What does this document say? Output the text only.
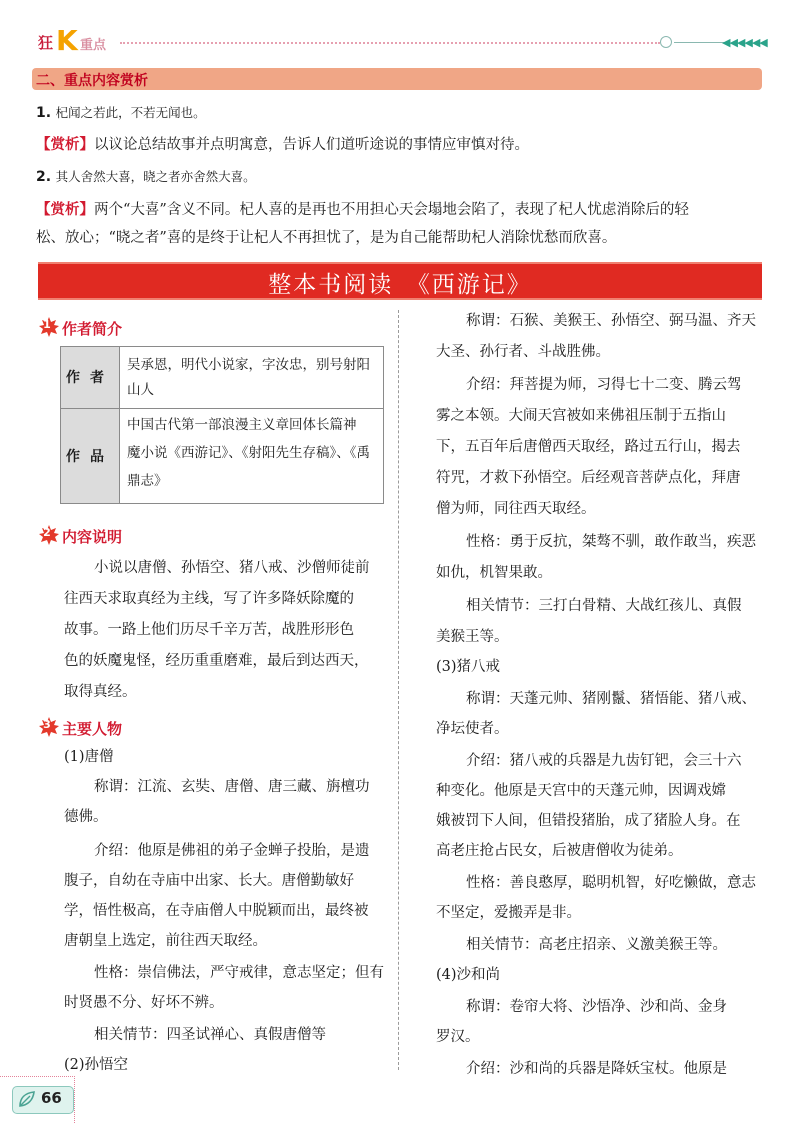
狂 K 重点	◀◀◀◀◀◀
二、重点内容赏析
1. 杞闻之若此，不若无闻也。
【赏析】以议论总结故事并点明寓意，告诉人们道听途说的事情应审慎对待。
2. 其人舍然大喜，晓之者亦舍然大喜。
【赏析】两个“大喜”含义不同。杞人喜的是再也不用担心天会塌地会陷了，表现了杞人忧虑消除后的轻
松、放心；“晓之者”喜的是终于让杞人不再担忧了，是为自己能帮助杞人消除忧愁而欣喜。
整本书阅读　《西游记》
1 作者简介
作者
作品
吴承恩，明代小说家，字汝忠，别号射阳
山人
中国古代第一部浪漫主义章回体长篇神
魔小说《西游记》、《射阳先生存稿》、《禹
鼎志》
2 内容说明
小说以唐僧、孙悟空、猪八戒、沙僧师徒前
往西天求取真经为主线，写了许多降妖除魔的
故事。一路上他们历尽千辛万苦，战胜形形色
色的妖魔鬼怪，经历重重磨难，最后到达西天，
取得真经。
3 主要人物
(1)唐僧
称谓：江流、玄奘、唐僧、唐三藏、旃檀功
德佛。
介绍：他原是佛祖的弟子金蝉子投胎，是遗
腹子，自幼在寺庙中出家、长大。唐僧勤敏好
学，悟性极高，在寺庙僧人中脱颖而出，最终被
唐朝皇上选定，前往西天取经。
性格：崇信佛法，严守戒律，意志坚定；但有
时贤愚不分、好坏不辨。
相关情节：四圣试禅心、真假唐僧等
(2)孙悟空
称谓：石猴、美猴王、孙悟空、弼马温、齐天
大圣、孙行者、斗战胜佛。
介绍：拜菩提为师，习得七十二变、腾云驾
雾之本领。大闹天宫被如来佛祖压制于五指山
下，五百年后唐僧西天取经，路过五行山，揭去
符咒，才救下孙悟空。后经观音菩萨点化，拜唐
僧为师，同往西天取经。
性格：勇于反抗，桀骜不驯，敢作敢当，疾恶
如仇，机智果敢。
相关情节：三打白骨精、大战红孩儿、真假
美猴王等。
(3)猪八戒
称谓：天蓬元帅、猪刚鬣、猪悟能、猪八戒、
净坛使者。
介绍：猪八戒的兵器是九齿钉钯，会三十六
种变化。他原是天宫中的天蓬元帅，因调戏嫦
娥被罚下人间，但错投猪胎，成了猪脸人身。在
高老庄抢占民女，后被唐僧收为徒弟。
性格：善良憨厚，聪明机智，好吃懒做，意志
不坚定，爱搬弄是非。
相关情节：高老庄招亲、义激美猴王等。
(4)沙和尚
称谓：卷帘大将、沙悟净、沙和尚、金身
罗汉。
介绍：沙和尚的兵器是降妖宝杖。他原是
66
